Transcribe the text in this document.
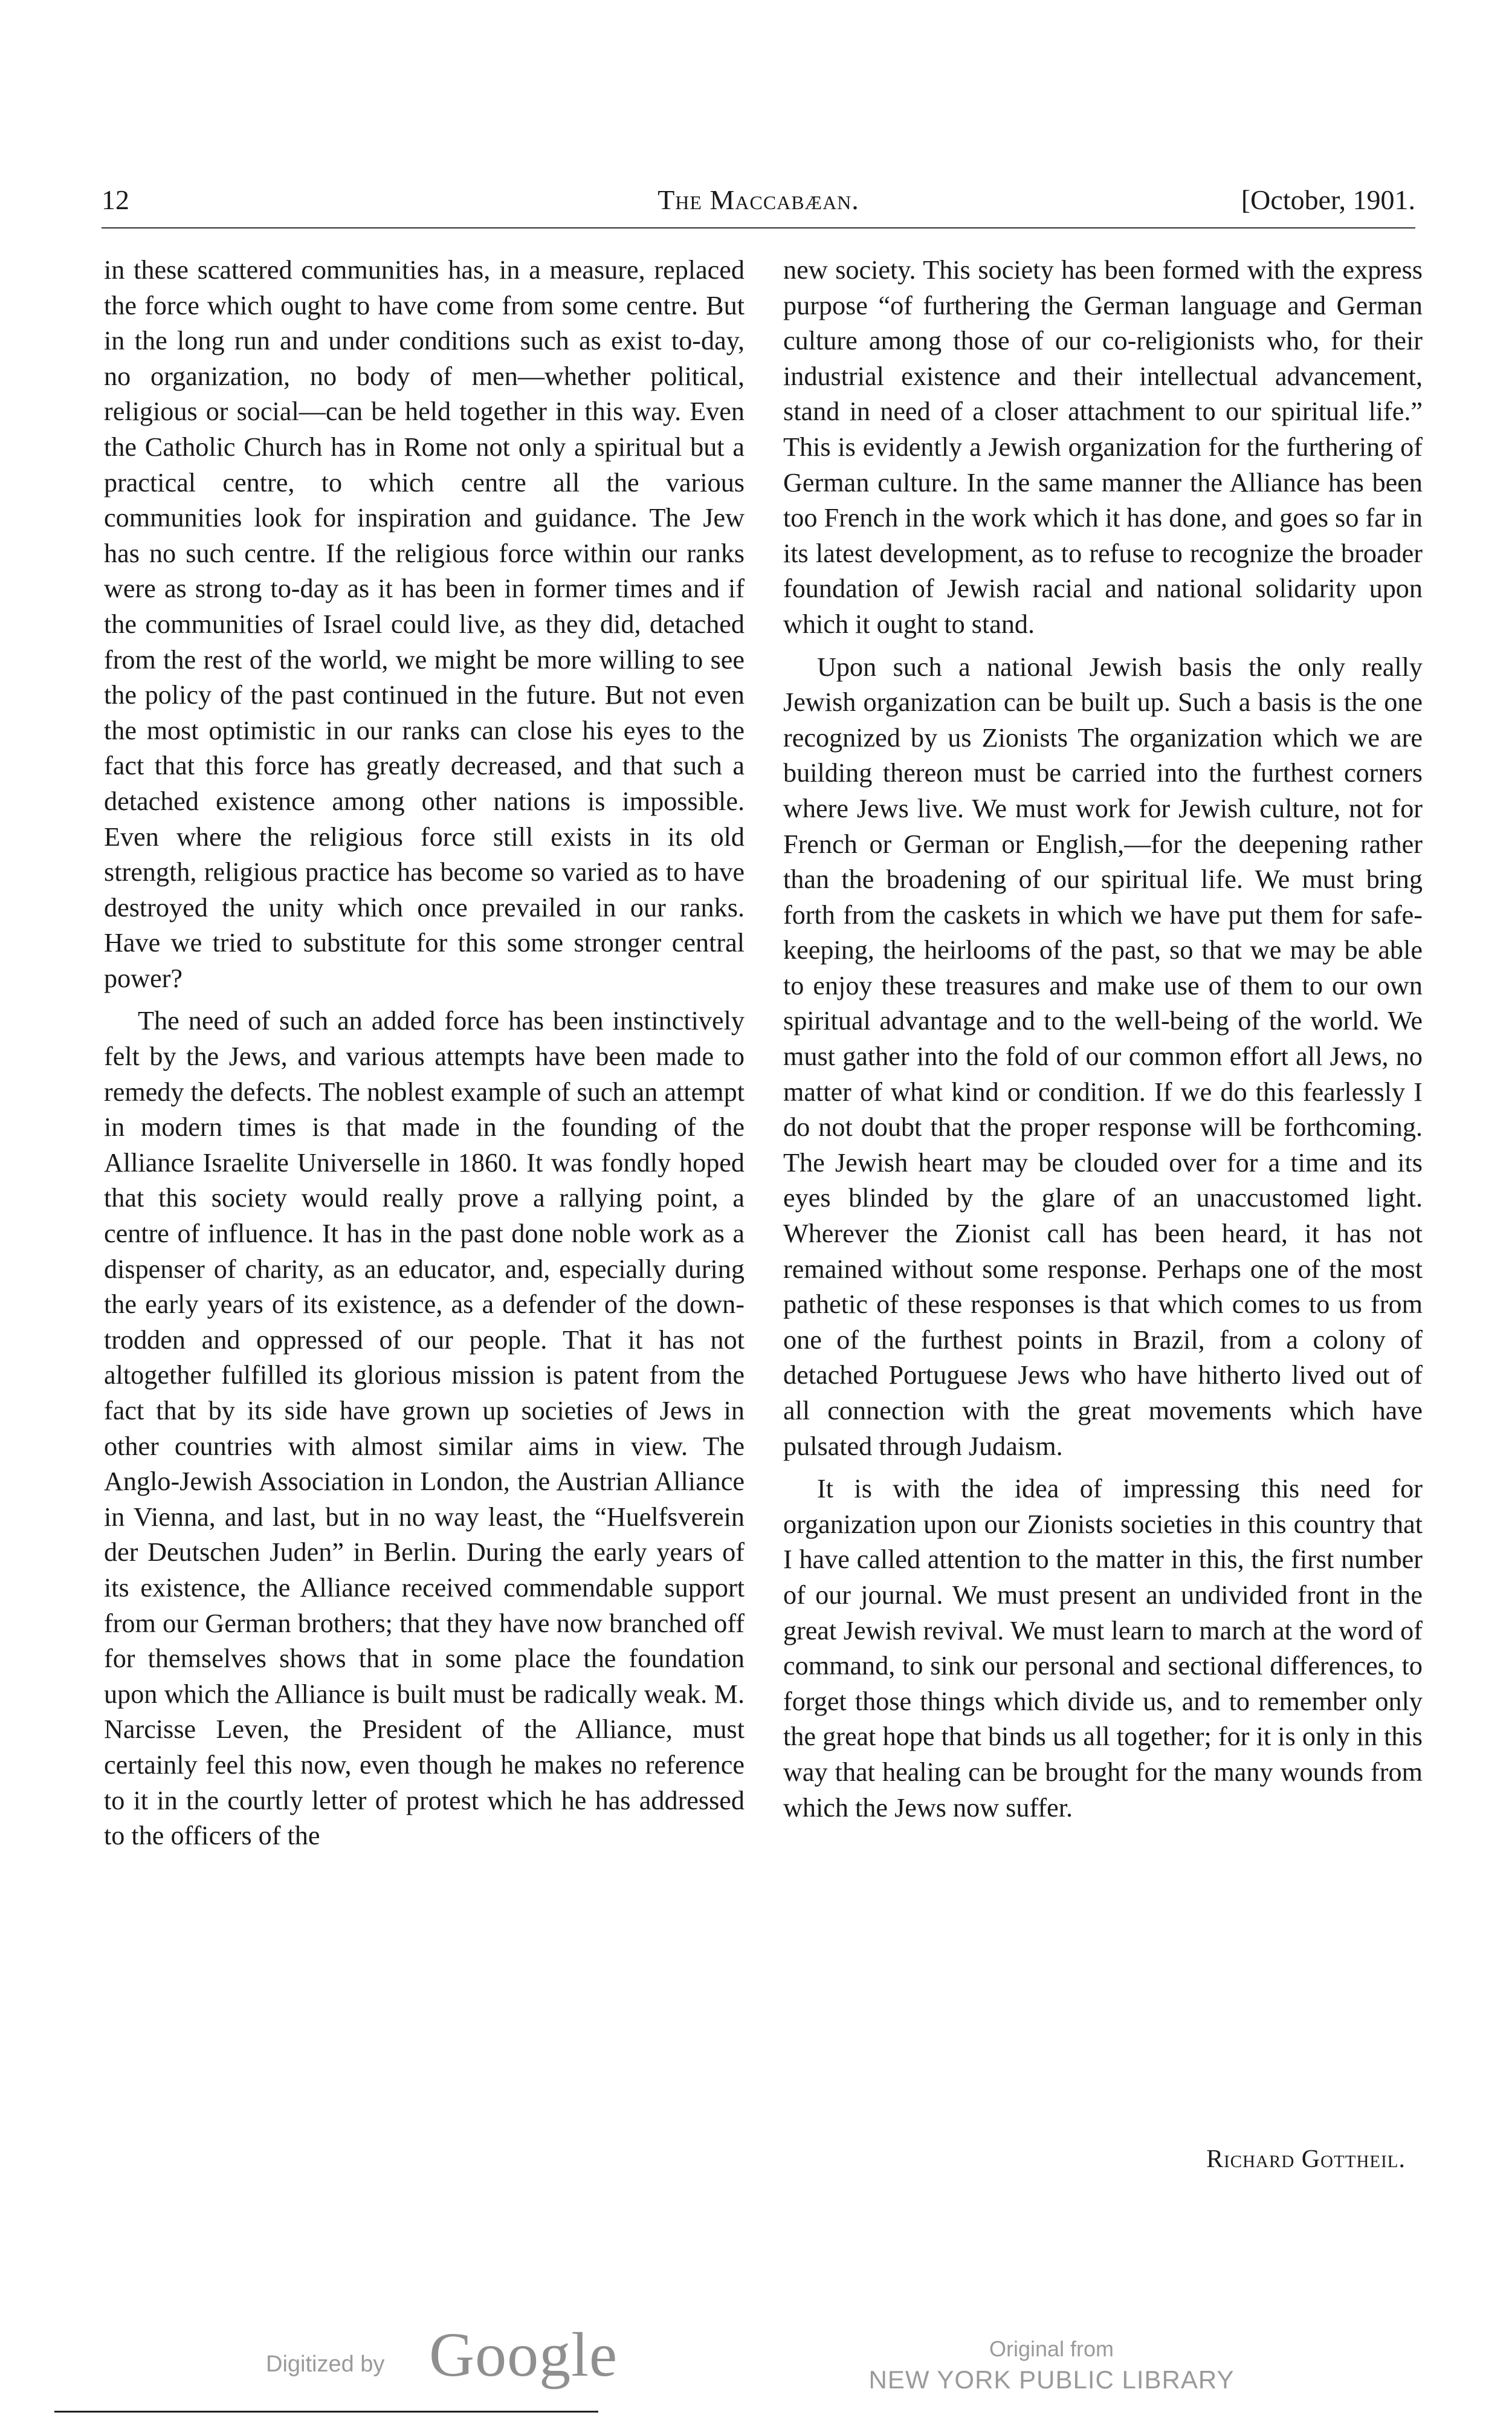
12	The Maccabæan.	[October, 1901.

in these scattered communities has, in a measure, replaced the force which ought to have come from some centre. But in the long run and under conditions such as exist to-day, no organization, no body of men—whether political, religious or social—can be held together in this way. Even the Catholic Church has in Rome not only a spiritual but a practical centre, to which centre all the various communities look for inspiration and guidance. The Jew has no such centre. If the religious force within our ranks were as strong to-day as it has been in former times and if the communities of Israel could live, as they did, detached from the rest of the world, we might be more willing to see the policy of the past continued in the future. But not even the most optimistic in our ranks can close his eyes to the fact that this force has greatly decreased, and that such a detached existence among other nations is impossible. Even where the religious force still exists in its old strength, religious practice has become so varied as to have destroyed the unity which once prevailed in our ranks. Have we tried to substitute for this some stronger central power?

The need of such an added force has been instinctively felt by the Jews, and various attempts have been made to remedy the defects. The noblest example of such an attempt in modern times is that made in the founding of the Alliance Israelite Universelle in 1860. It was fondly hoped that this society would really prove a rallying point, a centre of influence. It has in the past done noble work as a dispenser of charity, as an educator, and, especially during the early years of its existence, as a defender of the down-trodden and oppressed of our people. That it has not altogether fulfilled its glorious mission is patent from the fact that by its side have grown up societies of Jews in other countries with almost similar aims in view. The Anglo-Jewish Association in London, the Austrian Alliance in Vienna, and last, but in no way least, the “Huelfsverein der Deutschen Juden” in Berlin. During the early years of its existence, the Alliance received commendable support from our German brothers; that they have now branched off for themselves shows that in some place the foundation upon which the Alliance is built must be radically weak. M. Narcisse Leven, the President of the Alliance, must certainly feel this now, even though he makes no reference to it in the courtly letter of protest which he has addressed to the officers of the

new society. This society has been formed with the express purpose “of furthering the German language and German culture among those of our co-religionists who, for their industrial existence and their intellectual advancement, stand in need of a closer attachment to our spiritual life.” This is evidently a Jewish organization for the furthering of German culture. In the same manner the Alliance has been too French in the work which it has done, and goes so far in its latest development, as to refuse to recognize the broader foundation of Jewish racial and national solidarity upon which it ought to stand.

Upon such a national Jewish basis the only really Jewish organization can be built up. Such a basis is the one recognized by us Zionists The organization which we are building thereon must be carried into the furthest corners where Jews live. We must work for Jewish culture, not for French or German or English,—for the deepening rather than the broadening of our spiritual life. We must bring forth from the caskets in which we have put them for safe-keeping, the heirlooms of the past, so that we may be able to enjoy these treasures and make use of them to our own spiritual advantage and to the well-being of the world. We must gather into the fold of our common effort all Jews, no matter of what kind or condition. If we do this fearlessly I do not doubt that the proper response will be forthcoming. The Jewish heart may be clouded over for a time and its eyes blinded by the glare of an unaccustomed light. Wherever the Zionist call has been heard, it has not remained without some response. Perhaps one of the most pathetic of these responses is that which comes to us from one of the furthest points in Brazil, from a colony of detached Portuguese Jews who have hitherto lived out of all connection with the great movements which have pulsated through Judaism.

It is with the idea of impressing this need for organization upon our Zionists societies in this country that I have called attention to the matter in this, the first number of our journal. We must present an undivided front in the great Jewish revival. We must learn to march at the word of command, to sink our personal and sectional differences, to forget those things which divide us, and to remember only the great hope that binds us all together; for it is only in this way that healing can be brought for the many wounds from which the Jews now suffer.

Richard Gottheil.
Digitized by Google	Original from
NEW YORK PUBLIC LIBRARY
